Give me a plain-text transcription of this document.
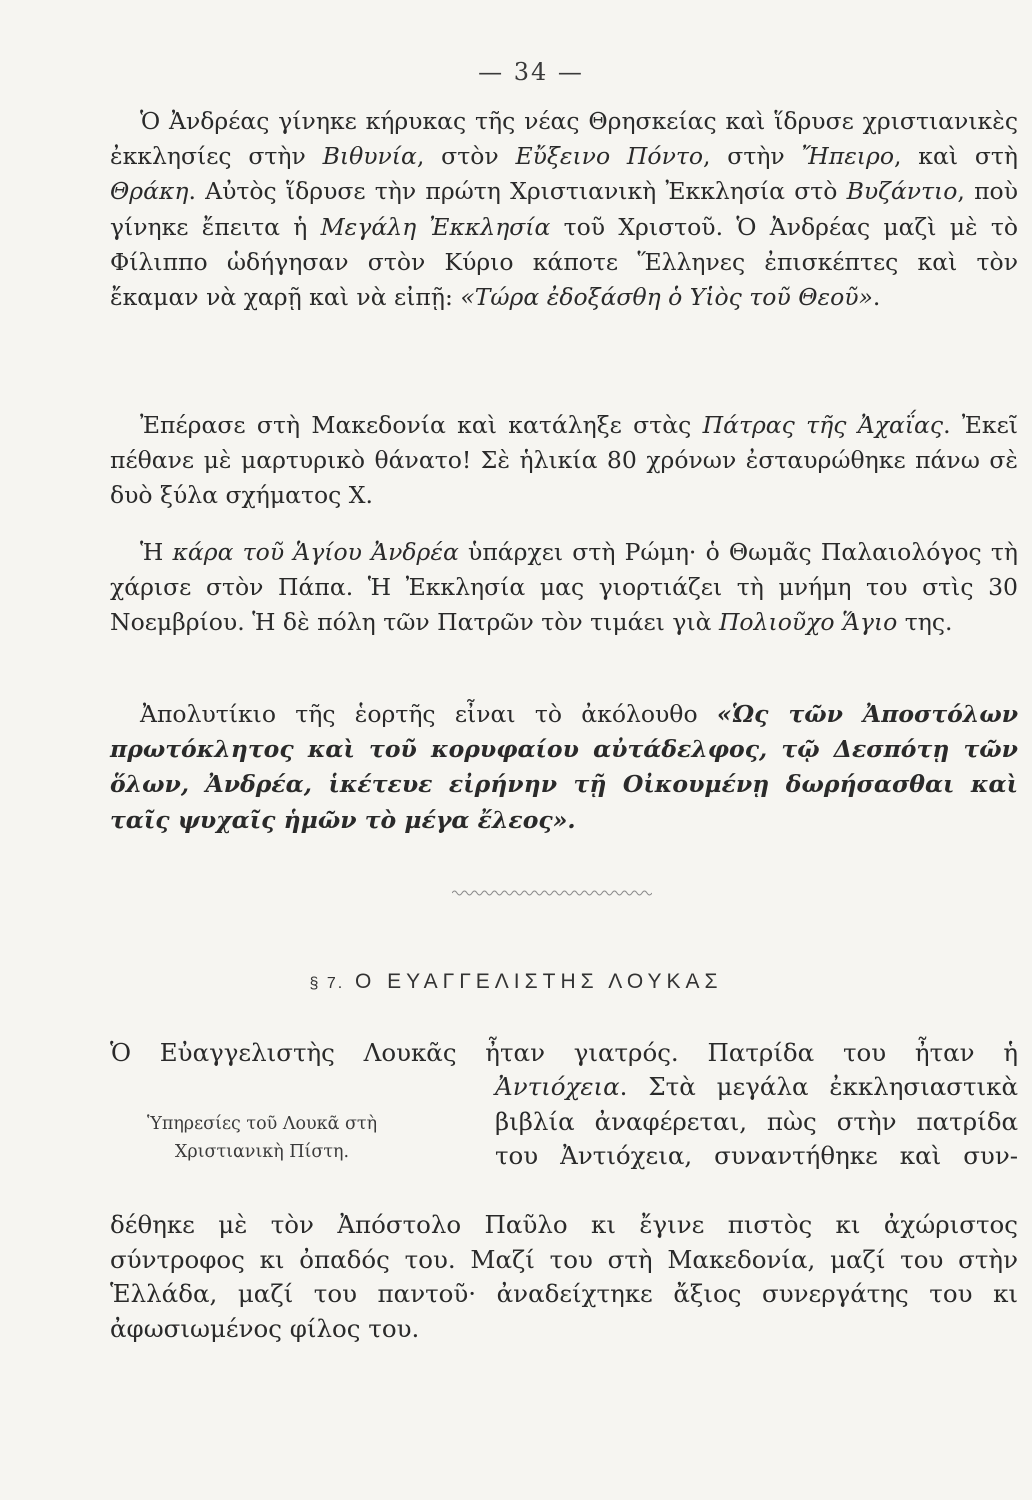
— 34 —

Ὁ Ἀνδρέας γίνηκε κήρυκας τῆς νέας Θρησκείας καὶ ἵδρυσε χριστιανικὲς ἐκκλησίες στὴν Βιθυνία, στὸν Εὔξεινο Πόντο, στὴν Ἤπειρο, καὶ στὴ Θράκη. Αὐτὸς ἵδρυσε τὴν πρώτη Χριστιανικὴ Ἐκκλησία στὸ Βυζάντιο, ποὺ γίνηκε ἔπειτα ἡ Μεγάλη Ἐκκλησία τοῦ Χριστοῦ. Ὁ Ἀνδρέας μαζὶ μὲ τὸ Φίλιππο ὡδήγησαν στὸν Κύριο κάποτε Ἕλληνες ἐπισκέπτες καὶ τὸν ἔκαμαν νὰ χαρῇ καὶ νὰ εἰπῇ: «Τώρα ἐδοξάσθη ὁ Υἱὸς τοῦ Θεοῦ».

Ἐπέρασε στὴ Μακεδονία καὶ κατάληξε στὰς Πάτρας τῆς Ἀχαΐας. Ἐκεῖ πέθανε μὲ μαρτυρικὸ θάνατο! Σὲ ἡλικία 80 χρόνων ἐσταυρώθηκε πάνω σὲ δυὸ ξύλα σχήματος Χ.

Ἡ κάρα τοῦ Ἁγίου Ἀνδρέα ὑπάρχει στὴ Ρώμη· ὁ Θωμᾶς Παλαιολόγος τὴ χάρισε στὸν Πάπα. Ἡ Ἐκκλησία μας γιορτιάζει τὴ μνήμη του στὶς 30 Νοεμβρίου. Ἡ δὲ πόλη τῶν Πατρῶν τὸν τιμάει γιὰ Πολιοῦχο Ἅγιο της.

Ἀπολυτίκιο τῆς ἑορτῆς εἶναι τὸ ἀκόλουθο «Ὡς τῶν Ἀποστόλων πρωτόκλητος καὶ τοῦ κορυφαίου αὐτάδελφος, τῷ Δεσπότῃ τῶν ὅλων, Ἀνδρέα, ἱκέτευε εἰρήνην τῇ Οἰκουμένῃ δωρήσασθαι καὶ ταῖς ψυχαῖς ἡμῶν τὸ μέγα ἔλεος».

§ 7. Ο ΕΥΑΓΓΕΛΙΣΤΗΣ ΛΟΥΚΑΣ
Ὁ Εὐαγγελιστὴς Λουκᾶς ἦταν γιατρός. Πατρίδα του ἦταν ἡ
Ὑπηρεσίες τοῦ Λουκᾶ στὴ
Χριστιανικὴ Πίστη.
Ἀντιόχεια. Στὰ μεγάλα ἐκκλησιαστικὰ
βιβλία ἀναφέρεται, πὼς στὴν πατρίδα
του Ἀντιόχεια, συναντήθηκε καὶ συν-
δέθηκε μὲ τὸν Ἀπόστολο Παῦλο κι ἔγινε πιστὸς κι ἀχώριστος σύντροφος κι ὀπαδός του. Μαζί του στὴ Μακεδονία, μαζί του στὴν Ἑλλάδα, μαζί του παντοῦ· ἀναδείχτηκε ἄξιος συνεργάτης του κι ἀφωσιωμένος φίλος του.
